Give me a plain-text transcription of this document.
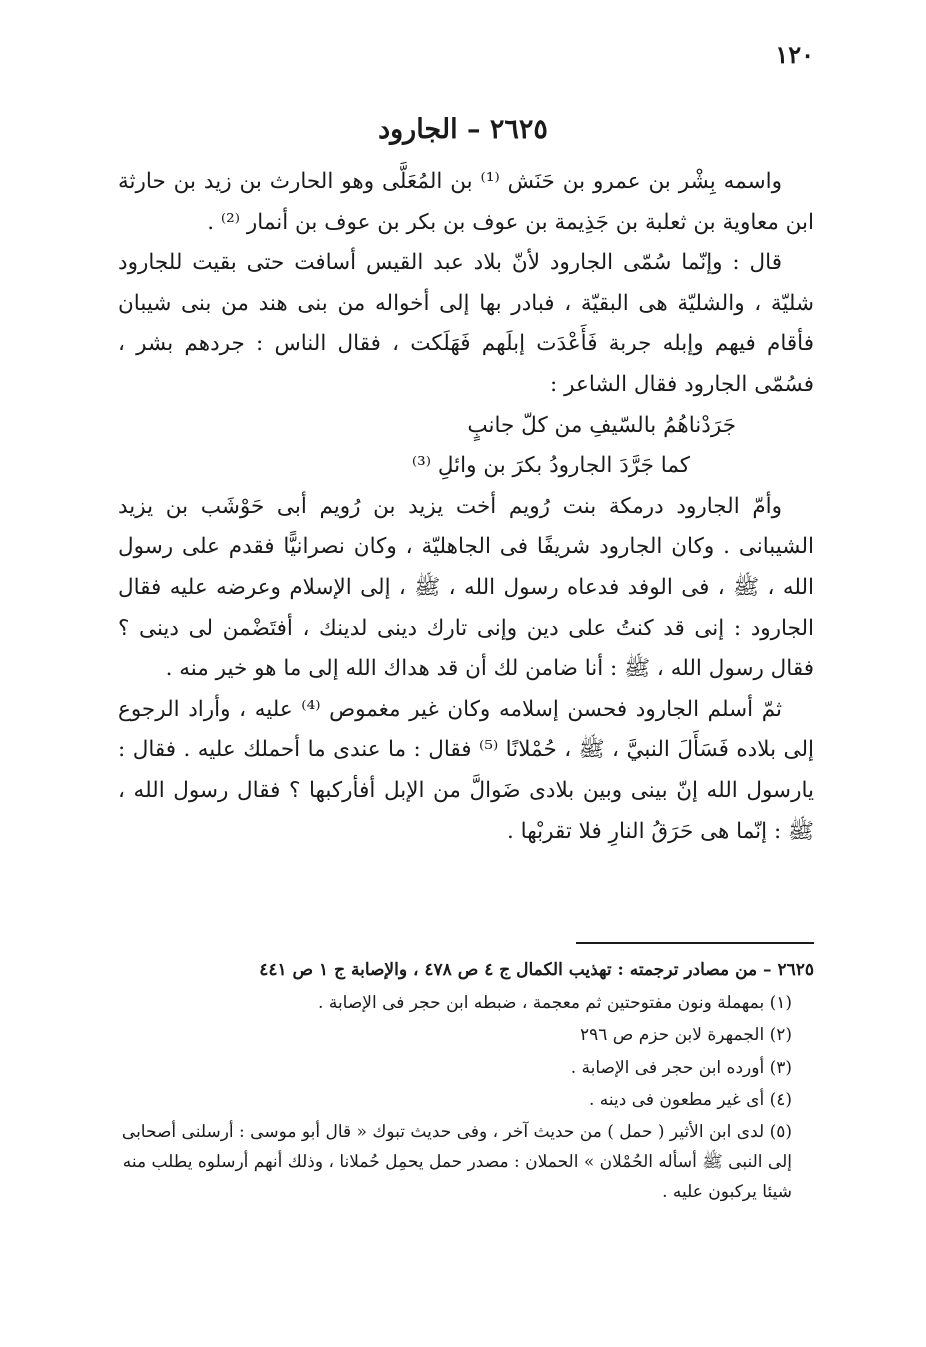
١٢٠
٢٦٢٥ – الجارود

واسمه بِشْر بن عمرو بن حَنَش ⁽¹⁾ بن المُعَلَّى وهو الحارث بن زيد بن حارثة ابن معاوية بن ثعلبة بن جَذِيمة بن عوف بن بكر بن عوف بن أنمار ⁽²⁾ .

قال : وإنّما سُمّى الجارود لأنّ بلاد عبد القيس أسافت حتى بقيت للجارود شليّة ، والشليّة هى البقيّة ، فبادر بها إلى أخواله من بنى هند من بنى شيبان فأقام فيهم وإبله جربة فَأَعْدَت إبلَهم فَهَلَكت ، فقال الناس : جردهم بشر ، فسُمّى الجارود فقال الشاعر :

جَرَدْناهُمُ بالسّيفِ من كلّ جانبٍ
كما جَرَّدَ الجارودُ بكرَ بن وائلِ ⁽³⁾

وأمّ الجارود درمكة بنت رُويم أخت يزيد بن رُويم أبى حَوْشَب بن يزيد الشيبانى . وكان الجارود شريفًا فى الجاهليّة ، وكان نصرانيًّا فقدم على رسول الله ، ﷺ ، فى الوفد فدعاه رسول الله ، ﷺ ، إلى الإسلام وعرضه عليه فقال الجارود : إنى قد كنتُ على دين وإنى تارك دينى لدينك ، أفتَضْمن لى دينى ؟ فقال رسول الله ، ﷺ : أنا ضامن لك أن قد هداك الله إلى ما هو خير منه .

ثمّ أسلم الجارود فحسن إسلامه وكان غير مغموص ⁽⁴⁾ عليه ، وأراد الرجوع إلى بلاده فَسَأَلَ النبيَّ ، ﷺ ، حُمْلانًا ⁽⁵⁾ فقال : ما عندى ما أحملك عليه . فقال : يارسول الله إنّ بينى وبين بلادى ضَوالَّ من الإبل أفأركبها ؟ فقال رسول الله ، ﷺ : إنّما هى حَرَقُ النارِ فلا تقربْها .

٢٦٢٥ – من مصادر ترجمته : تهذيب الكمال ج ٤ ص ٤٧٨ ، والإصابة ج ١ ص ٤٤١

(١) بمهملة ونون مفتوحتين ثم معجمة ، ضبطه ابن حجر فى الإصابة .

(٢) الجمهرة لابن حزم ص ٢٩٦

(٣) أورده ابن حجر فى الإصابة .

(٤) أى غير مطعون فى دينه .

(٥) لدى ابن الأثير ( حمل ) من حديث آخر ، وفى حديث تبوك « قال أبو موسى : أرسلنى أصحابى إلى النبى ﷺ أسأله الحُمْلان » الحملان : مصدر حمل يحمِل حُملانا ، وذلك أنهم أرسلوه يطلب منه شيئا يركبون عليه .
